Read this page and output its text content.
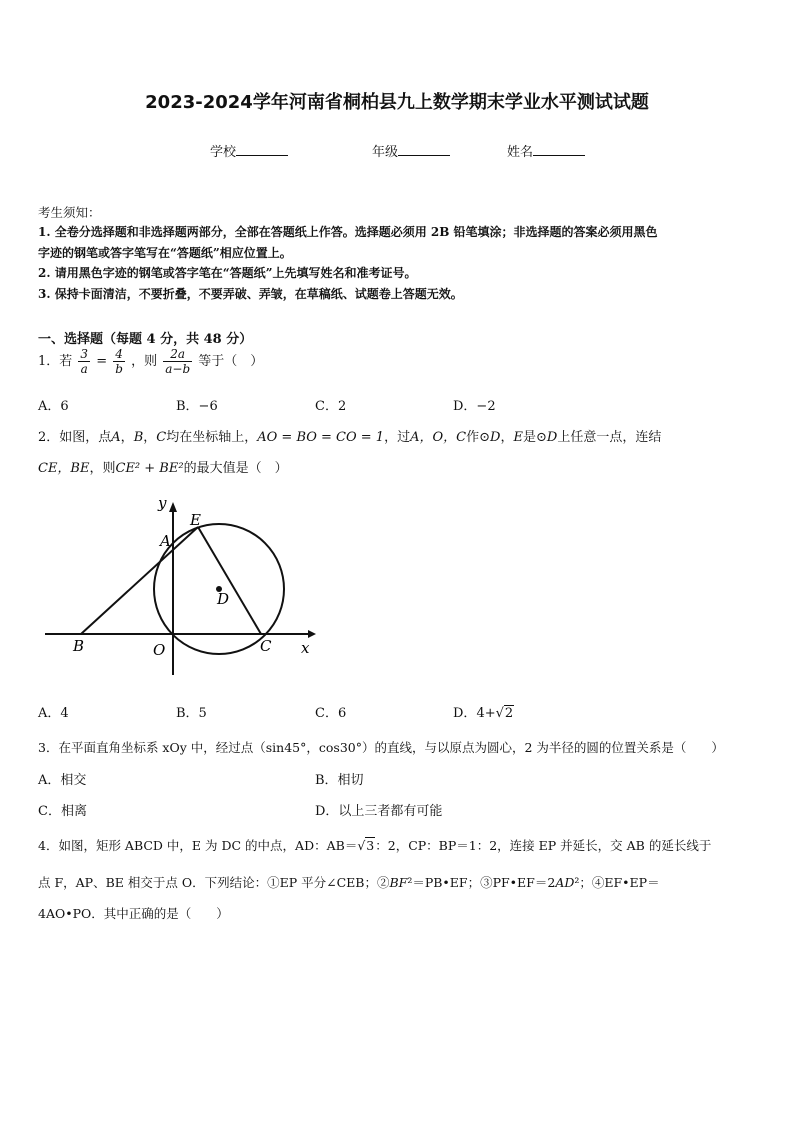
2023-2024学年河南省桐柏县九上数学期末学业水平测试试题
学校	年级	姓名
考生须知：
1. 全卷分选择题和非选择题两部分，全部在答题纸上作答。选择题必须用 2B 铅笔填涂；非选择题的答案必须用黑色
字迹的钢笔或答字笔写在“答题纸”相应位置上。
2. 请用黑色字迹的钢笔或答字笔在“答题纸”上先填写姓名和准考证号。
3. 保持卡面清洁，不要折叠，不要弄破、弄皱，在草稿纸、试题卷上答题无效。
一、选择题（每题 4 分，共 48 分）
1．若 $\frac{3}{a} = \frac{4}{b}$ ，则 $\frac{2a}{a-b}$ 等于（　）
A．6	B．−6	C．2	D．−2
2．如图，点A，B，C均在坐标轴上，AO = BO = CO = 1，过A，O，C作⊙D，E是⊙D上任意一点，连结
CE，BE，则CE² + BE²的最大值是（　）
y
x
E
A
D
B	O	C
A．4	B．5	C．6	D．4+√2
3．在平面直角坐标系 xOy 中，经过点（sin45°，cos30°）的直线，与以原点为圆心，2 为半径的圆的位置关系是（　　）
A．相交	B．相切
C．相离	D．以上三者都有可能
4．如图，矩形 ABCD 中，E 为 DC 的中点，AD：AB＝√3：2，CP：BP＝1：2，连接 EP 并延长，交 AB 的延长线于
点 F，AP、BE 相交于点 O．下列结论：①EP 平分∠CEB；②BF²＝PB•EF；③PF•EF＝2AD²；④EF•EP＝
4AO•PO．其中正确的是（　　）
